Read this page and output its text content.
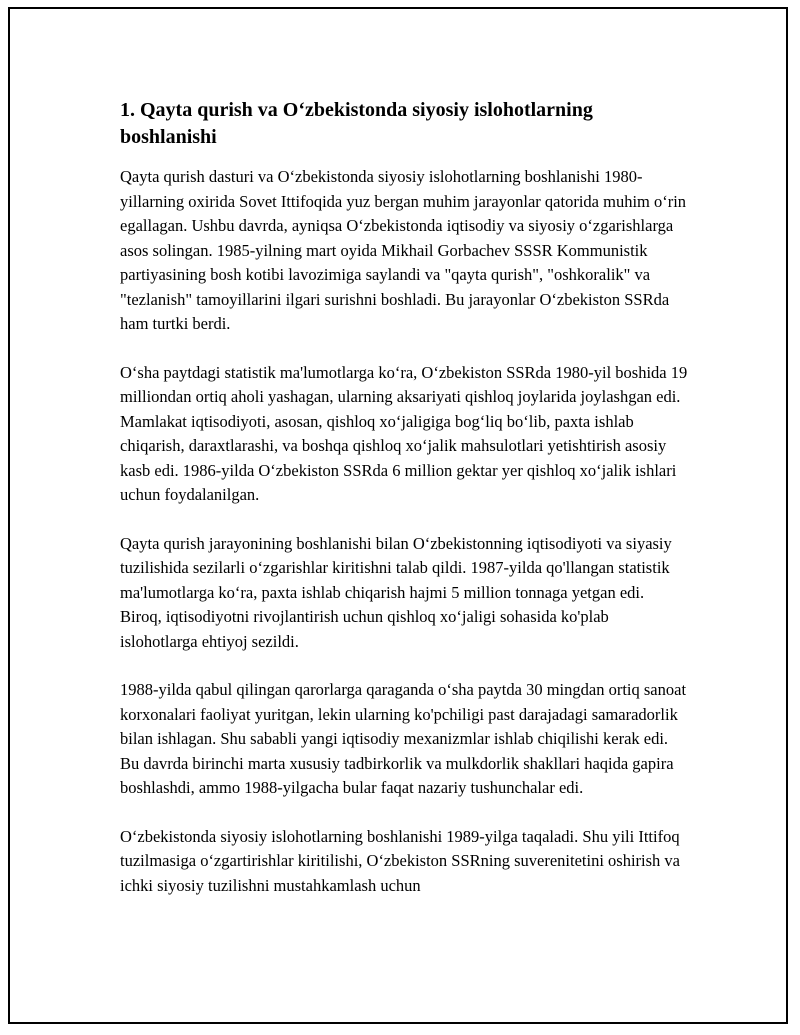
1. Qayta qurish va O‘zbekistonda siyosiy islohotlarning boshlanishi

Qayta qurish dasturi va O‘zbekistonda siyosiy islohotlarning boshlanishi 1980-yillarning oxirida Sovet Ittifoqida yuz bergan muhim jarayonlar qatorida muhim o‘rin egallagan. Ushbu davrda, ayniqsa O‘zbekistonda iqtisodiy va siyosiy o‘zgarishlarga asos solingan. 1985-yilning mart oyida Mikhail Gorbachev SSSR Kommunistik partiyasining bosh kotibi lavozimiga saylandi va "qayta qurish", "oshkoralik" va "tezlanish" tamoyillarini ilgari surishni boshladi. Bu jarayonlar O‘zbekiston SSRda ham turtki berdi.

O‘sha paytdagi statistik ma'lumotlarga ko‘ra, O‘zbekiston SSRda 1980-yil boshida 19 milliondan ortiq aholi yashagan, ularning aksariyati qishloq joylarida joylashgan edi. Mamlakat iqtisodiyoti, asosan, qishloq xo‘jaligiga bog‘liq bo‘lib, paxta ishlab chiqarish, daraxtlarashi, va boshqa qishloq xo‘jalik mahsulotlari yetishtirish asosiy kasb edi. 1986-yilda O‘zbekiston SSRda 6 million gektar yer qishloq xo‘jalik ishlari uchun foydalanilgan.

Qayta qurish jarayonining boshlanishi bilan O‘zbekistonning iqtisodiyoti va siyasiy tuzilishida sezilarli o‘zgarishlar kiritishni talab qildi. 1987-yilda qo'llangan statistik ma'lumotlarga ko‘ra, paxta ishlab chiqarish hajmi 5 million tonnaga yetgan edi. Biroq, iqtisodiyotni rivojlantirish uchun qishloq xo‘jaligi sohasida ko'plab islohotlarga ehtiyoj sezildi.

1988-yilda qabul qilingan qarorlarga qaraganda o‘sha paytda 30 mingdan ortiq sanoat korxonalari faoliyat yuritgan, lekin ularning ko'pchiligi past darajadagi samaradorlik bilan ishlagan. Shu sababli yangi iqtisodiy mexanizmlar ishlab chiqilishi kerak edi. Bu davrda birinchi marta xususiy tadbirkorlik va mulkdorlik shakllari haqida gapira boshlashdi, ammo 1988-yilgacha bular faqat nazariy tushunchalar edi.

O‘zbekistonda siyosiy islohotlarning boshlanishi 1989-yilga taqaladi. Shu yili Ittifoq tuzilmasiga o‘zgartirishlar kiritilishi, O‘zbekiston SSRning suverenitetini oshirish va ichki siyosiy tuzilishni mustahkamlash uchun
